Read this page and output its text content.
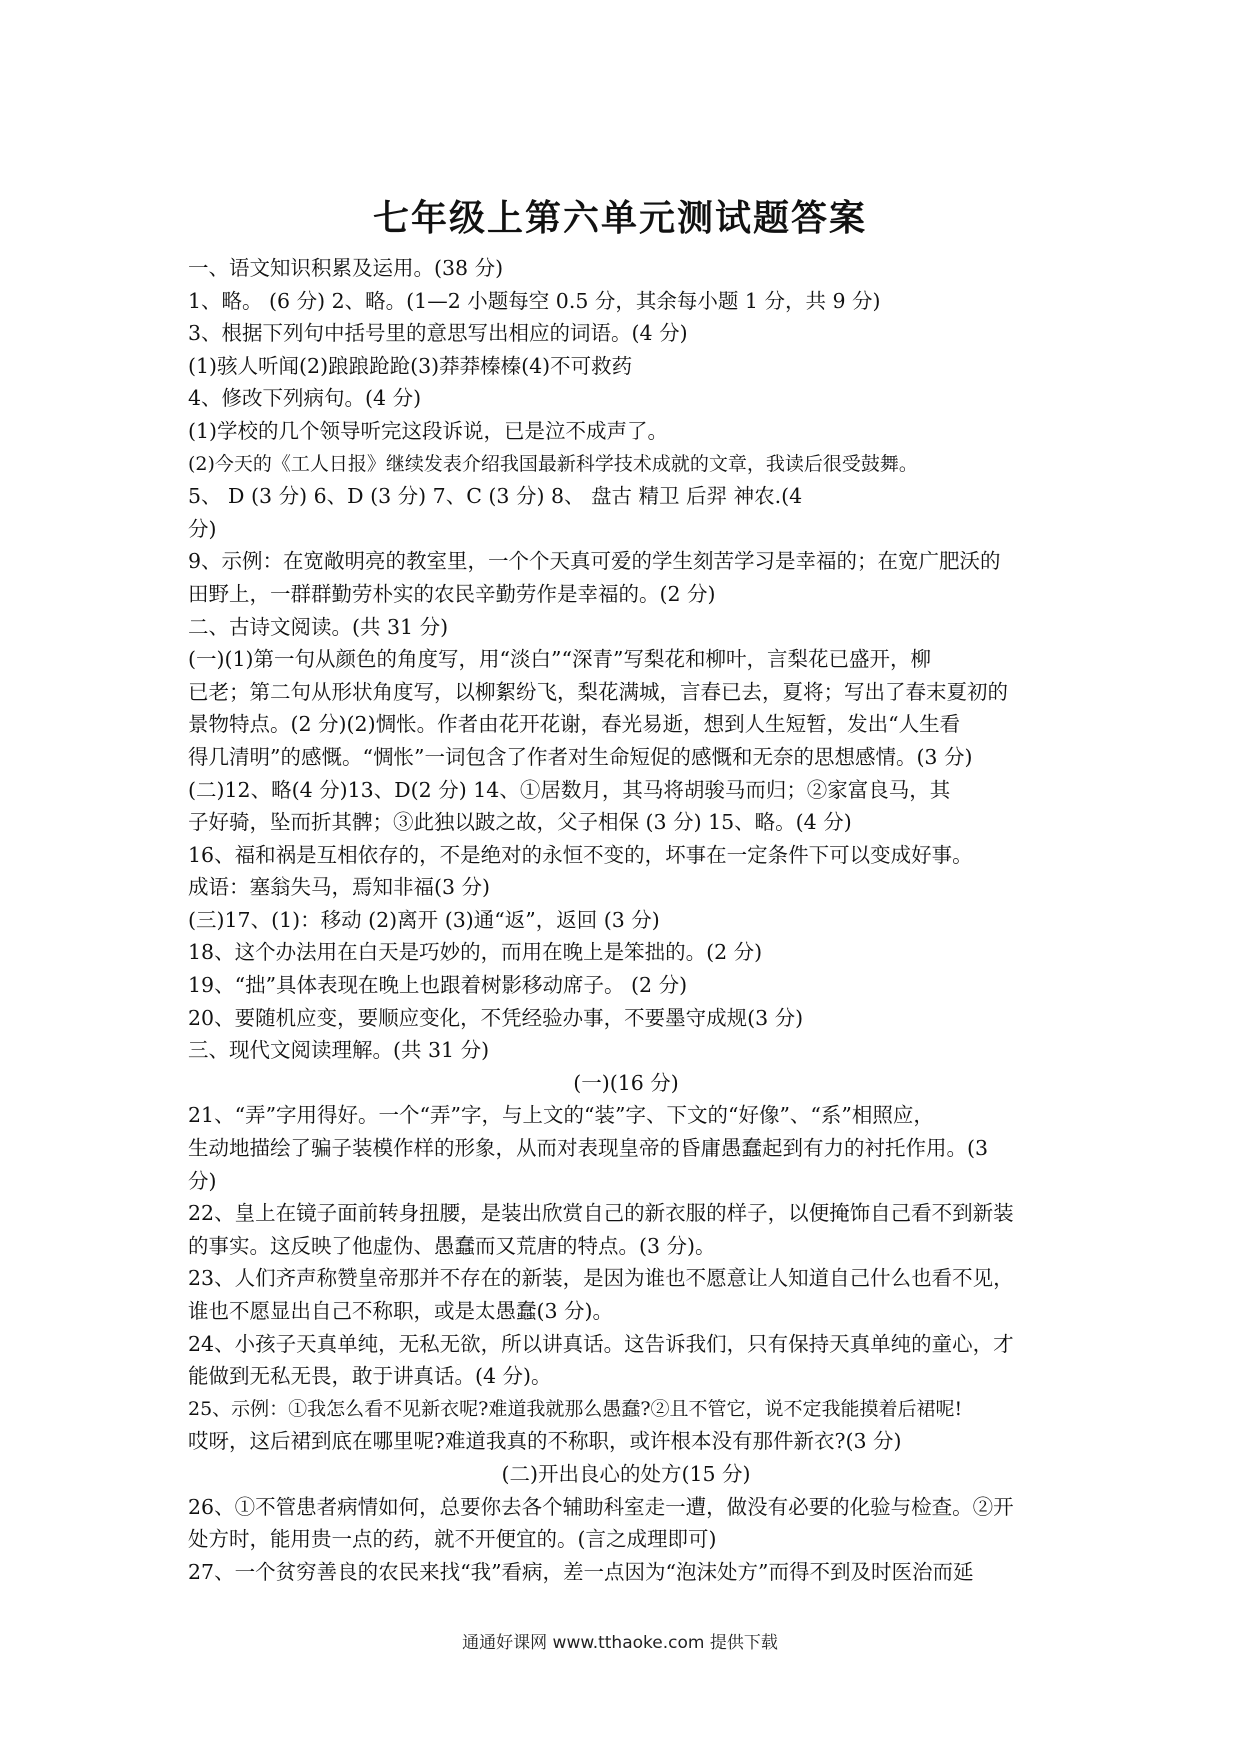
七年级上第六单元测试题答案
一、语文知识积累及运用。(38 分)
1、略。 (6 分) 2、略。(1—2 小题每空 0.5 分，其余每小题 1 分，共 9 分)
3、根据下列句中括号里的意思写出相应的词语。(4 分)
(1)骇人听闻(2)踉踉跄跄(3)莽莽榛榛(4)不可救药
4、修改下列病句。(4 分)
(1)学校的几个领导听完这段诉说，已是泣不成声了。
(2)今天的《工人日报》继续发表介绍我国最新科学技术成就的文章，我读后很受鼓舞。
5、 D (3 分) 6、D (3 分) 7、C (3 分) 8、 盘古 精卫 后羿 神农.(4
分)
9、示例：在宽敞明亮的教室里，一个个天真可爱的学生刻苦学习是幸福的；在宽广肥沃的
田野上，一群群勤劳朴实的农民辛勤劳作是幸福的。(2 分)
二、古诗文阅读。(共 31 分)
(一)(1)第一句从颜色的角度写，用“淡白”“深青”写梨花和柳叶，言梨花已盛开，柳
已老；第二句从形状角度写，以柳絮纷飞，梨花满城，言春已去，夏将；写出了春末夏初的
景物特点。(2 分)(2)惆怅。作者由花开花谢，春光易逝，想到人生短暂，发出“人生看
得几清明”的感慨。“惆怅”一词包含了作者对生命短促的感慨和无奈的思想感情。(3 分)
(二)12、略(4 分)13、D(2 分) 14、①居数月，其马将胡骏马而归；②家富良马，其
子好骑，坠而折其髀；③此独以跛之故，父子相保 (3 分) 15、略。(4 分)
16、福和祸是互相依存的，不是绝对的永恒不变的，坏事在一定条件下可以变成好事。
成语：塞翁失马，焉知非福(3 分)
(三)17、(1)：移动 (2)离开 (3)通“返”，返回 (3 分)
18、这个办法用在白天是巧妙的，而用在晚上是笨拙的。(2 分)
19、“拙”具体表现在晚上也跟着树影移动席子。 (2 分)
20、要随机应变，要顺应变化，不凭经验办事，不要墨守成规(3 分)
三、现代文阅读理解。(共 31 分)
(一)(16 分)
21、“弄”字用得好。一个“弄”字，与上文的“装”字、下文的“好像”、“系”相照应，
生动地描绘了骗子装模作样的形象，从而对表现皇帝的昏庸愚蠢起到有力的衬托作用。(3
分)
22、皇上在镜子面前转身扭腰，是装出欣赏自己的新衣服的样子，以便掩饰自己看不到新装
的事实。这反映了他虚伪、愚蠢而又荒唐的特点。(3 分)。
23、人们齐声称赞皇帝那并不存在的新装，是因为谁也不愿意让人知道自己什么也看不见，
谁也不愿显出自己不称职，或是太愚蠢(3 分)。
24、小孩子天真单纯，无私无欲，所以讲真话。这告诉我们，只有保持天真单纯的童心，才
能做到无私无畏，敢于讲真话。(4 分)。
25、示例：①我怎么看不见新衣呢?难道我就那么愚蠢?②且不管它，说不定我能摸着后裙呢!
哎呀，这后裙到底在哪里呢?难道我真的不称职，或许根本没有那件新衣?(3 分)
(二)开出良心的处方(15 分)
26、①不管患者病情如何，总要你去各个辅助科室走一遭，做没有必要的化验与检查。②开
处方时，能用贵一点的药，就不开便宜的。(言之成理即可)
27、一个贫穷善良的农民来找“我”看病，差一点因为“泡沫处方”而得不到及时医治而延
通通好课网 www.tthaoke.com 提供下载
